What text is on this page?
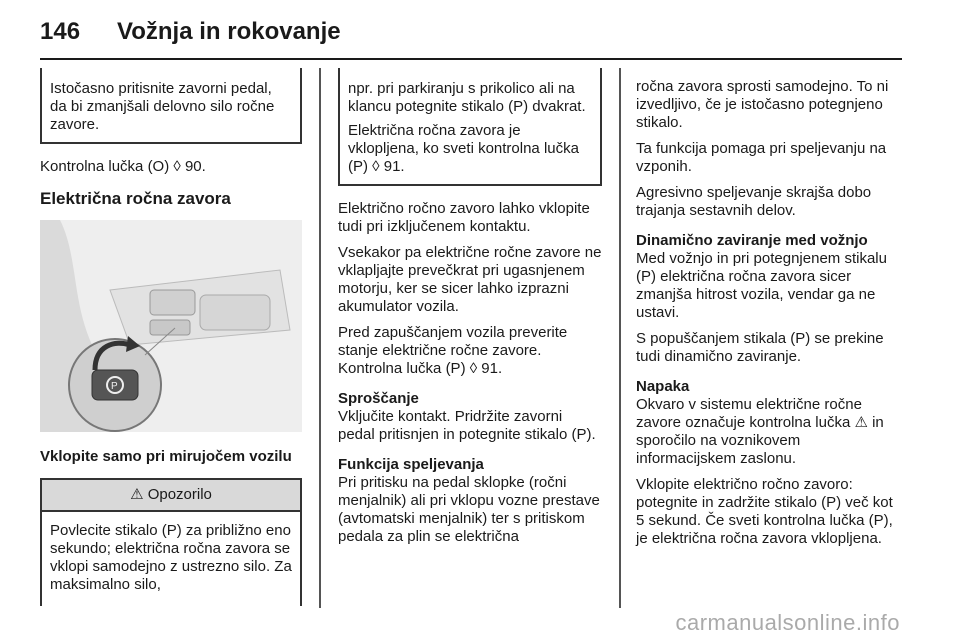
146 Vožnja in rokovanje

Istočasno pritisnite zavorni pedal, da bi zmanjšali delovno silo ročne zavore.

Kontrolna lučka (O) ◊ 90.

Električna ročna zavora
P

Vklopite samo pri mirujočem vozilu

⚠ Opozorilo

Povlecite stikalo (P) za približno eno sekundo; električna ročna zavora se vklopi samodejno z ustrezno silo. Za maksimalno silo,

npr. pri parkiranju s prikolico ali na klancu potegnite stikalo (P) dvakrat.

Električna ročna zavora je vklopljena, ko sveti kontrolna lučka (P) ◊ 91.

Električno ročno zavoro lahko vklopite tudi pri izključenem kontaktu.

Vsekakor pa električne ročne zavore ne vklapljajte prevečkrat pri ugasnjenem motorju, ker se sicer lahko izprazni akumulator vozila.

Pred zapuščanjem vozila preverite stanje električne ročne zavore. Kontrolna lučka (P) ◊ 91.

Sproščanje

Vključite kontakt. Pridržite zavorni pedal pritisnjen in potegnite stikalo (P).

Funkcija speljevanja

Pri pritisku na pedal sklopke (ročni menjalnik) ali pri vklopu vozne prestave (avtomatski menjalnik) ter s pritiskom pedala za plin se električna

ročna zavora sprosti samodejno. To ni izvedljivo, če je istočasno potegnjeno stikalo.

Ta funkcija pomaga pri speljevanju na vzponih.

Agresivno speljevanje skrajša dobo trajanja sestavnih delov.

Dinamično zaviranje med vožnjo

Med vožnjo in pri potegnjenem stikalu (P) električna ročna zavora sicer zmanjša hitrost vozila, vendar ga ne ustavi.

S popuščanjem stikala (P) se prekine tudi dinamično zaviranje.

Napaka

Okvaro v sistemu električne ročne zavore označuje kontrolna lučka ⚠ in sporočilo na voznikovem informacijskem zaslonu.

Vklopite električno ročno zavoro: potegnite in zadržite stikalo (P) več kot 5 sekund. Če sveti kontrolna lučka (P), je električna ročna zavora vklopljena.

carmanualsonline.info
